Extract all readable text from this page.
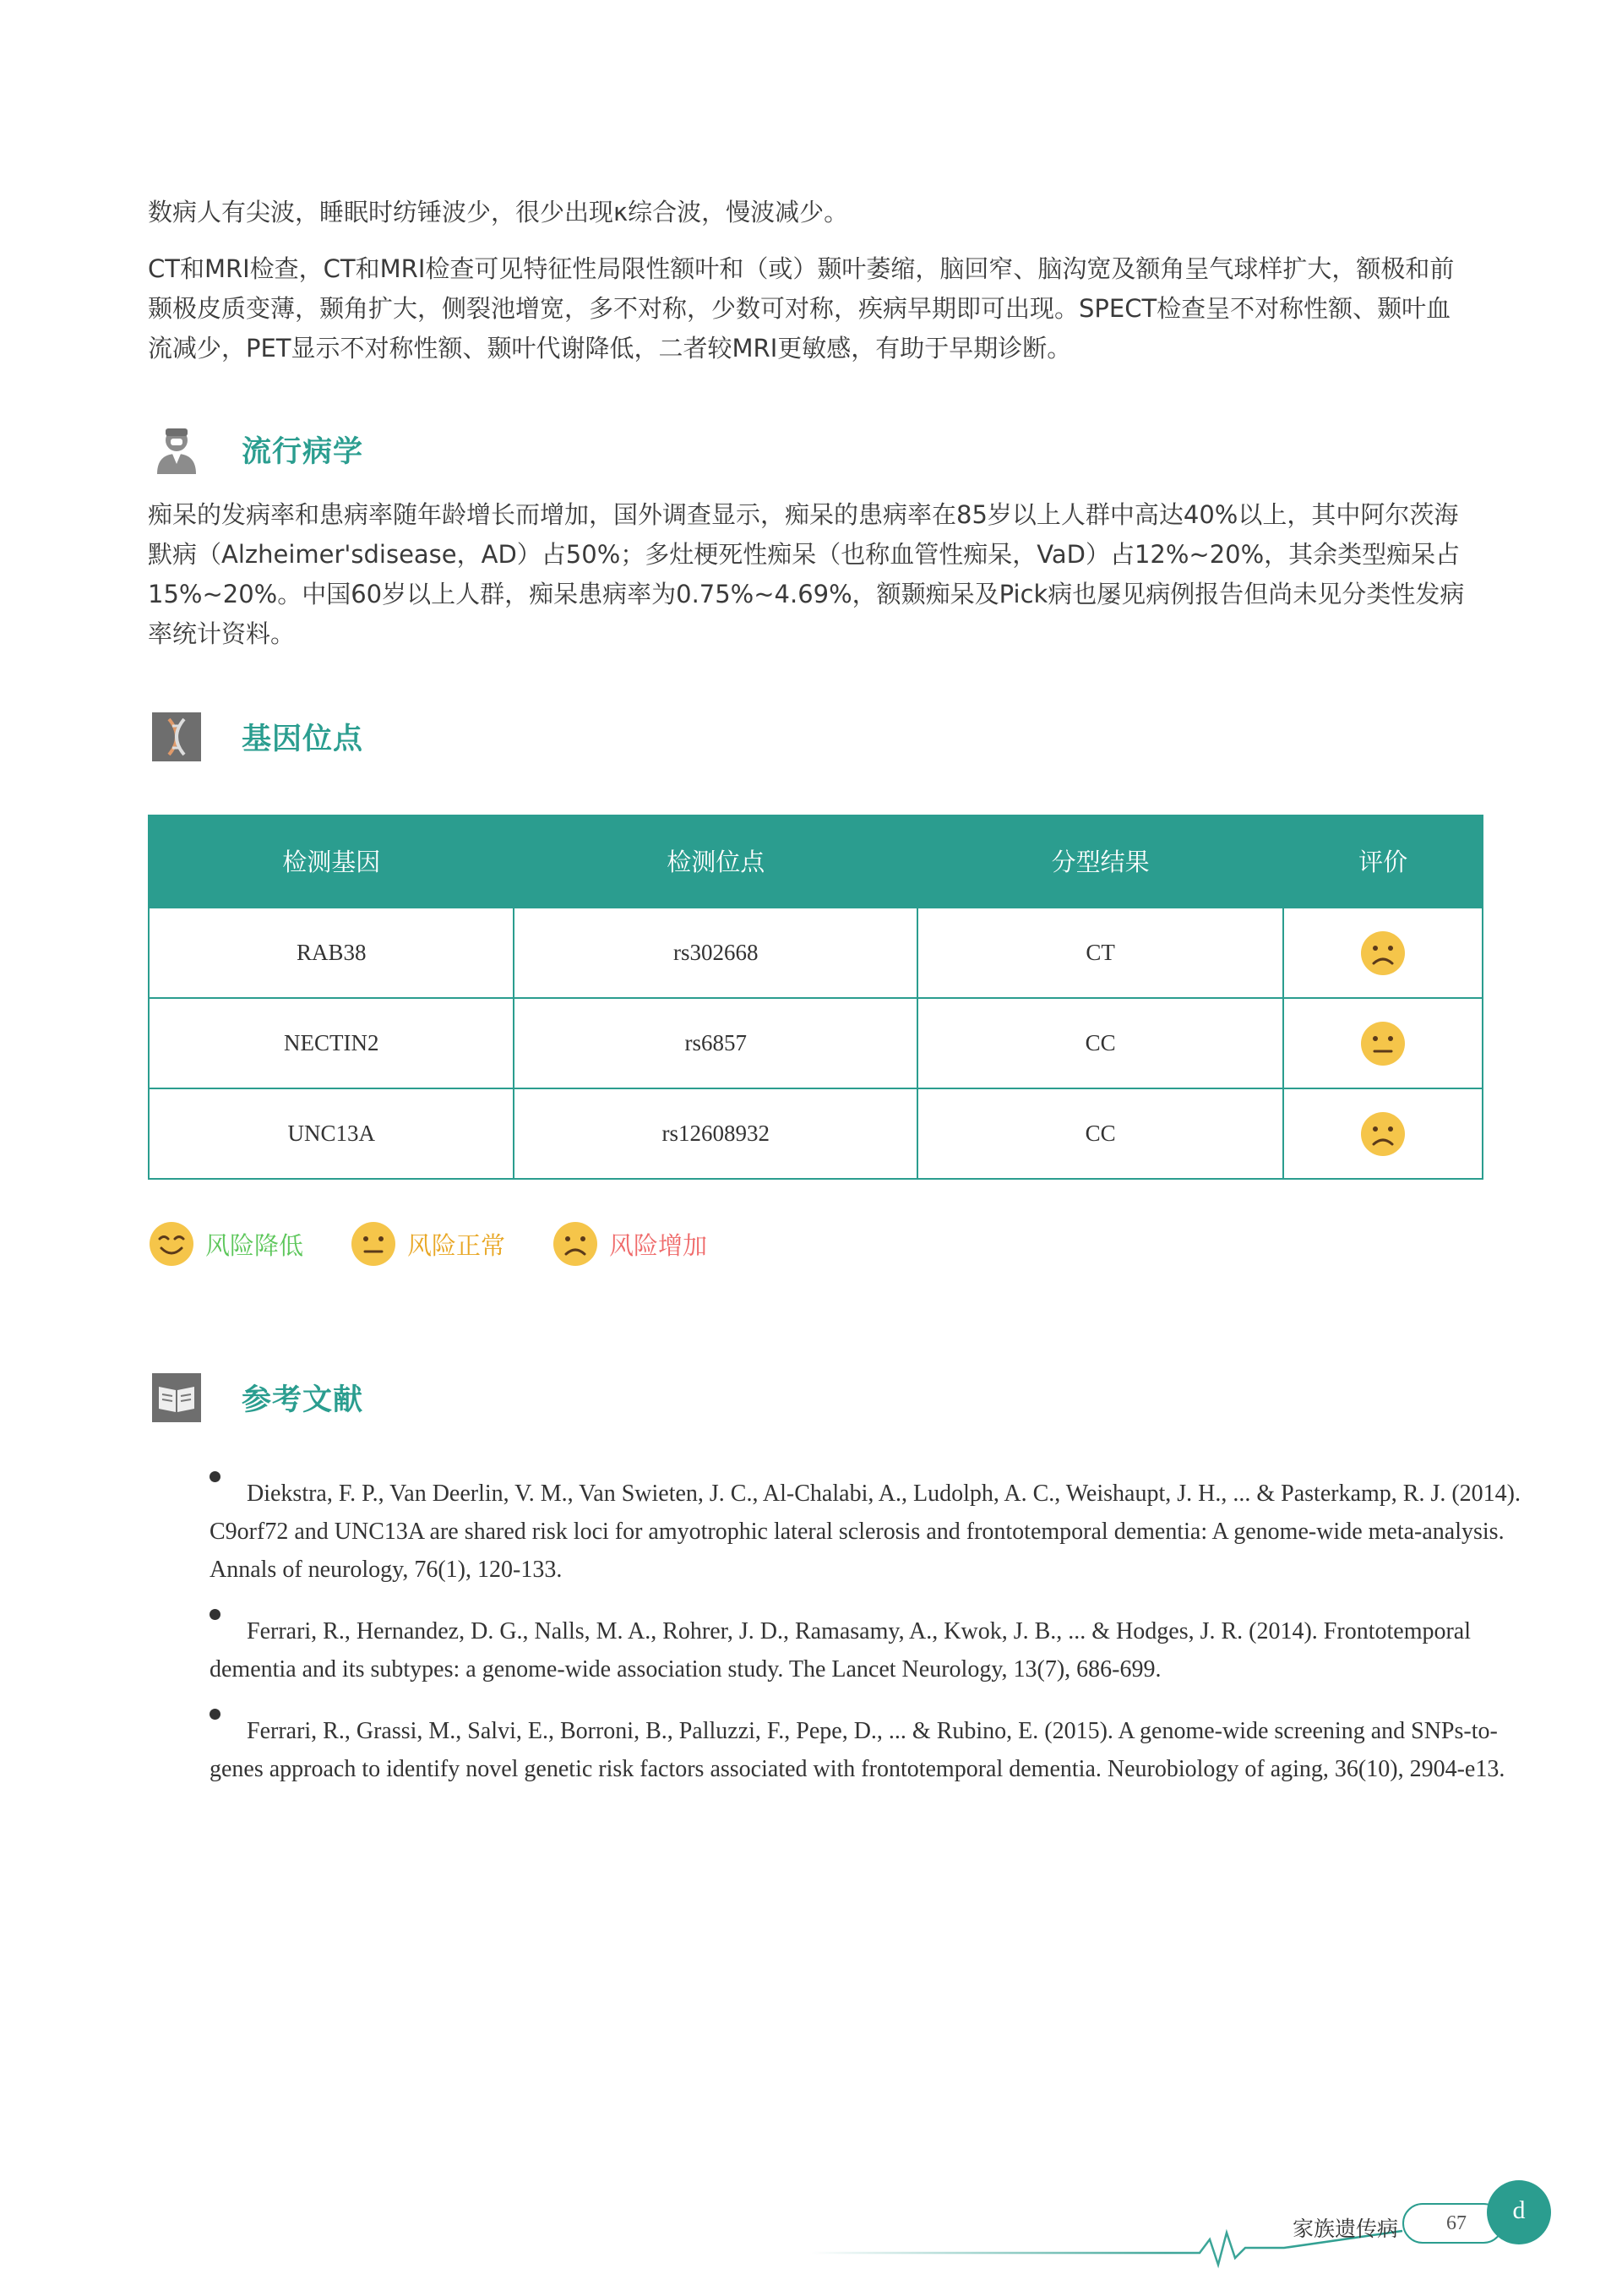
数病人有尖波，睡眠时纺锤波少，很少出现κ综合波，慢波减少。

CT和MRI检查，CT和MRI检查可见特征性局限性额叶和（或）颞叶萎缩，脑回窄、脑沟宽及额角呈气球样扩大，额极和前颞极皮质变薄，颞角扩大，侧裂池增宽，多不对称，少数可对称，疾病早期即可出现。SPECT检查呈不对称性额、颞叶血流减少，PET显示不对称性额、颞叶代谢降低，二者较MRI更敏感，有助于早期诊断。

流行病学

痴呆的发病率和患病率随年龄增长而增加，国外调查显示，痴呆的患病率在85岁以上人群中高达40%以上，其中阿尔茨海默病（Alzheimer'sdisease，AD）占50%；多灶梗死性痴呆（也称血管性痴呆，VaD）占12%~20%，其余类型痴呆占15%~20%。中国60岁以上人群，痴呆患病率为0.75%~4.69%，额颞痴呆及Pick病也屡见病例报告但尚未见分类性发病率统计资料。

基因位点
检测基因	检测位点	分型结果	评价
RAB38	rs302668	CT	
NECTIN2	rs6857	CC	
UNC13A	rs12608932	CC	
风险降低	风险正常	风险增加
参考文献
Diekstra, F. P., Van Deerlin, V. M., Van Swieten, J. C., Al-Chalabi, A., Ludolph, A. C., Weishaupt, J. H., ... & Pasterkamp, R. J. (2014). C9orf72 and UNC13A are shared risk loci for amyotrophic lateral sclerosis and frontotemporal dementia: A genome-wide meta-analysis. Annals of neurology, 76(1), 120-133.
Ferrari, R., Hernandez, D. G., Nalls, M. A., Rohrer, J. D., Ramasamy, A., Kwok, J. B., ... & Hodges, J. R. (2014). Frontotemporal dementia and its subtypes: a genome-wide association study. The Lancet Neurology, 13(7), 686-699.
Ferrari, R., Grassi, M., Salvi, E., Borroni, B., Palluzzi, F., Pepe, D., ... & Rubino, E. (2015). A genome-wide screening and SNPs-to-genes approach to identify novel genetic risk factors associated with frontotemporal dementia. Neurobiology of aging, 36(10), 2904-e13.
家族遗传病 67	d
